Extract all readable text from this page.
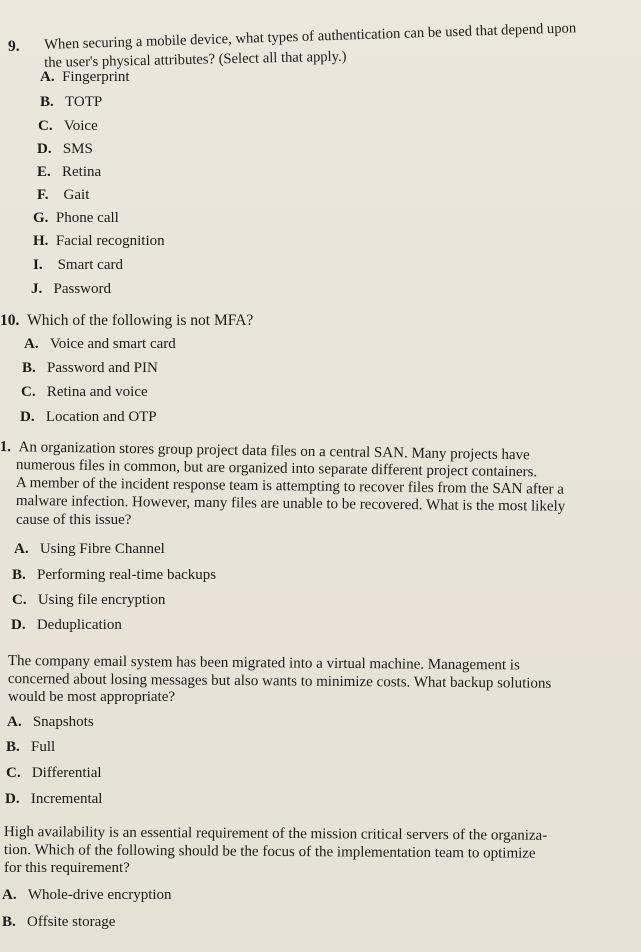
9. When securing a mobile device, what types of authentication can be used that depend upon
the user's physical attributes? (Select all that apply.)
A. Fingerprint
B. TOTP
C. Voice
D. SMS
E. Retina
F. Gait
G. Phone call
H. Facial recognition
I. Smart card
J. Password
10. Which of the following is not MFA?
A. Voice and smart card
B. Password and PIN
C. Retina and voice
D. Location and OTP
1. An organization stores group project data files on a central SAN. Many projects have
numerous files in common, but are organized into separate different project containers.
A member of the incident response team is attempting to recover files from the SAN after a
malware infection. However, many files are unable to be recovered. What is the most likely
cause of this issue?
A. Using Fibre Channel
B. Performing real-time backups
C. Using file encryption
D. Deduplication
The company email system has been migrated into a virtual machine. Management is
concerned about losing messages but also wants to minimize costs. What backup solutions
would be most appropriate?
A. Snapshots
B. Full
C. Differential
D. Incremental
High availability is an essential requirement of the mission critical servers of the organiza-
tion. Which of the following should be the focus of the implementation team to optimize
for this requirement?
A. Whole-drive encryption
B. Offsite storage
